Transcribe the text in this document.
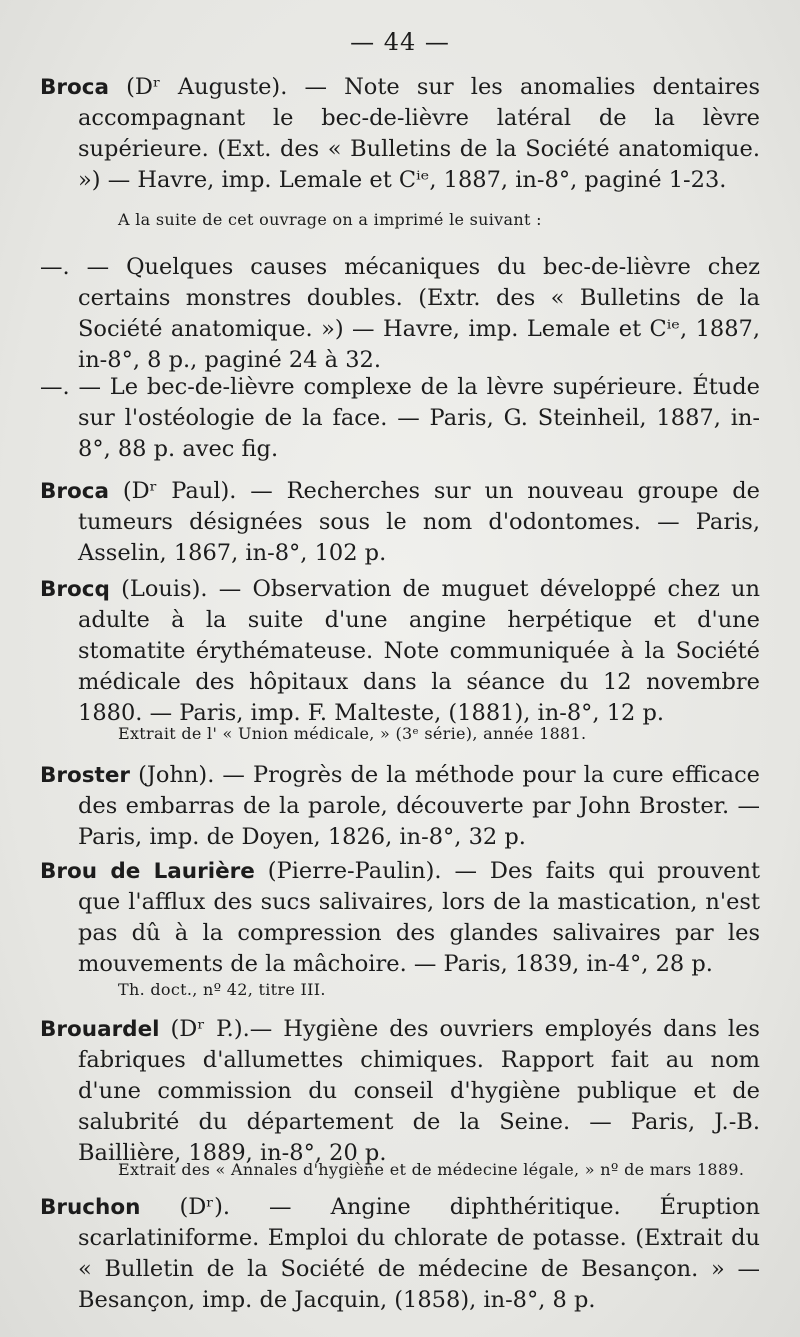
— 44 —

Broca (Dʳ Auguste). — Note sur les anomalies dentaires accompagnant le bec-de-lièvre latéral de la lèvre supérieure. (Ext. des « Bulletins de la Société anatomique. ») — Havre, imp. Lemale et Cⁱᵉ, 1887, in-8°, paginé 1-23.

A la suite de cet ouvrage on a imprimé le suivant :

—. — Quelques causes mécaniques du bec-de-lièvre chez certains monstres doubles. (Extr. des « Bulletins de la Société anatomique. ») — Havre, imp. Lemale et Cⁱᵉ, 1887, in-8°, 8 p., paginé 24 à 32.

—. — Le bec-de-lièvre complexe de la lèvre supérieure. Étude sur l'ostéologie de la face. — Paris, G. Steinheil, 1887, in-8°, 88 p. avec fig.

Broca (Dʳ Paul). — Recherches sur un nouveau groupe de tumeurs désignées sous le nom d'odontomes. — Paris, Asselin, 1867, in-8°, 102 p.

Brocq (Louis). — Observation de muguet développé chez un adulte à la suite d'une angine herpétique et d'une stomatite érythémateuse. Note communiquée à la Société médicale des hôpitaux dans la séance du 12 novembre 1880. — Paris, imp. F. Malteste, (1881), in-8°, 12 p.

Extrait de l' « Union médicale, » (3ᵉ série), année 1881.

Broster (John). — Progrès de la méthode pour la cure efficace des embarras de la parole, découverte par John Broster. — Paris, imp. de Doyen, 1826, in-8°, 32 p.

Brou de Laurière (Pierre-Paulin). — Des faits qui prouvent que l'afflux des sucs salivaires, lors de la mastication, n'est pas dû à la compression des glandes salivaires par les mouvements de la mâchoire. — Paris, 1839, in-4°, 28 p.

Th. doct., nº 42, titre III.

Brouardel (Dʳ P.).— Hygiène des ouvriers employés dans les fabriques d'allumettes chimiques. Rapport fait au nom d'une commission du conseil d'hygiène publique et de salubrité du département de la Seine. — Paris, J.-B. Baillière, 1889, in-8°, 20 p.

Extrait des « Annales d'hygiène et de médecine légale, » nº de mars 1889.

Bruchon (Dʳ). — Angine diphthéritique. Éruption scarlatiniforme. Emploi du chlorate de potasse. (Extrait du « Bulletin de la Société de médecine de Besançon. » — Besançon, imp. de Jacquin, (1858), in-8°, 8 p.
